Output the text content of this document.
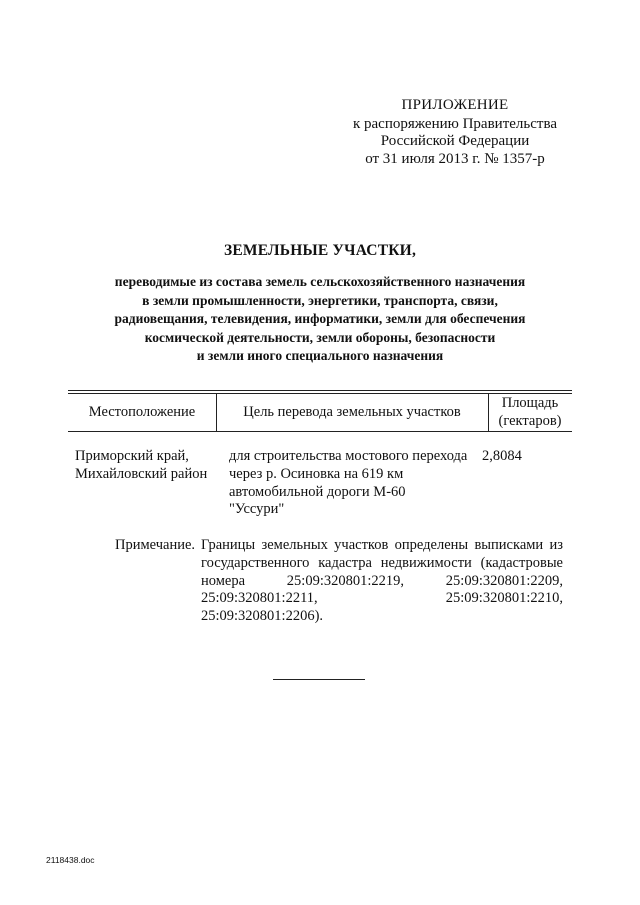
ПРИЛОЖЕНИЕ
к распоряжению Правительства
Российской Федерации
от 31 июля 2013 г. № 1357-р
ЗЕМЕЛЬНЫЕ УЧАСТКИ,
переводимые из состава земель сельскохозяйственного назначения
в земли промышленности, энергетики, транспорта, связи,
радиовещания, телевидения, информатики, земли для обеспечения
космической деятельности, земли обороны, безопасности
и земли иного специального назначения
Местоположение	Цель перевода земельных участков
Площадь
(гектаров)
Приморский край,
Михайловский район
для строительства мостового перехода
через р. Осиновка на 619 км
автомобильной дороги М-60
"Уссури"
2,8084
Примечание. Границы земельных участков определены выписками из государственного кадастра недвижимости (кадастровые номера 25:09:320801:2219, 25:09:320801:2209, 25:09:320801:2211, 25:09:320801:2210, 25:09:320801:2206).
2118438.doc
